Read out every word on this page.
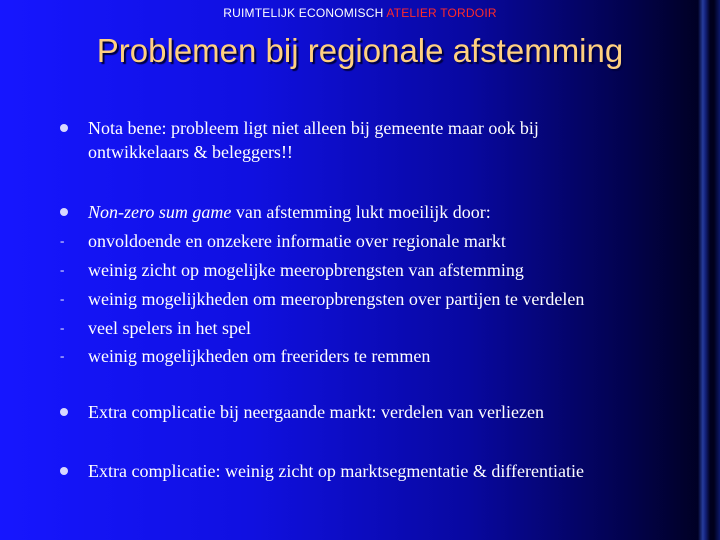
RUIMTELIJK ECONOMISCH ATELIER TORDOIR
Problemen bij regionale afstemming
Nota bene: probleem ligt niet alleen bij gemeente maar ook bij
ontwikkelaars & beleggers!!
Non-zero sum game van afstemming lukt moeilijk door:
- onvoldoende en onzekere informatie over regionale markt
- weinig zicht op mogelijke meeropbrengsten van afstemming
- weinig mogelijkheden om meeropbrengsten over partijen te verdelen
- veel spelers in het spel
- weinig mogelijkheden om freeriders te remmen
Extra complicatie bij neergaande markt: verdelen van verliezen
Extra complicatie: weinig zicht op marktsegmentatie & differentiatie
